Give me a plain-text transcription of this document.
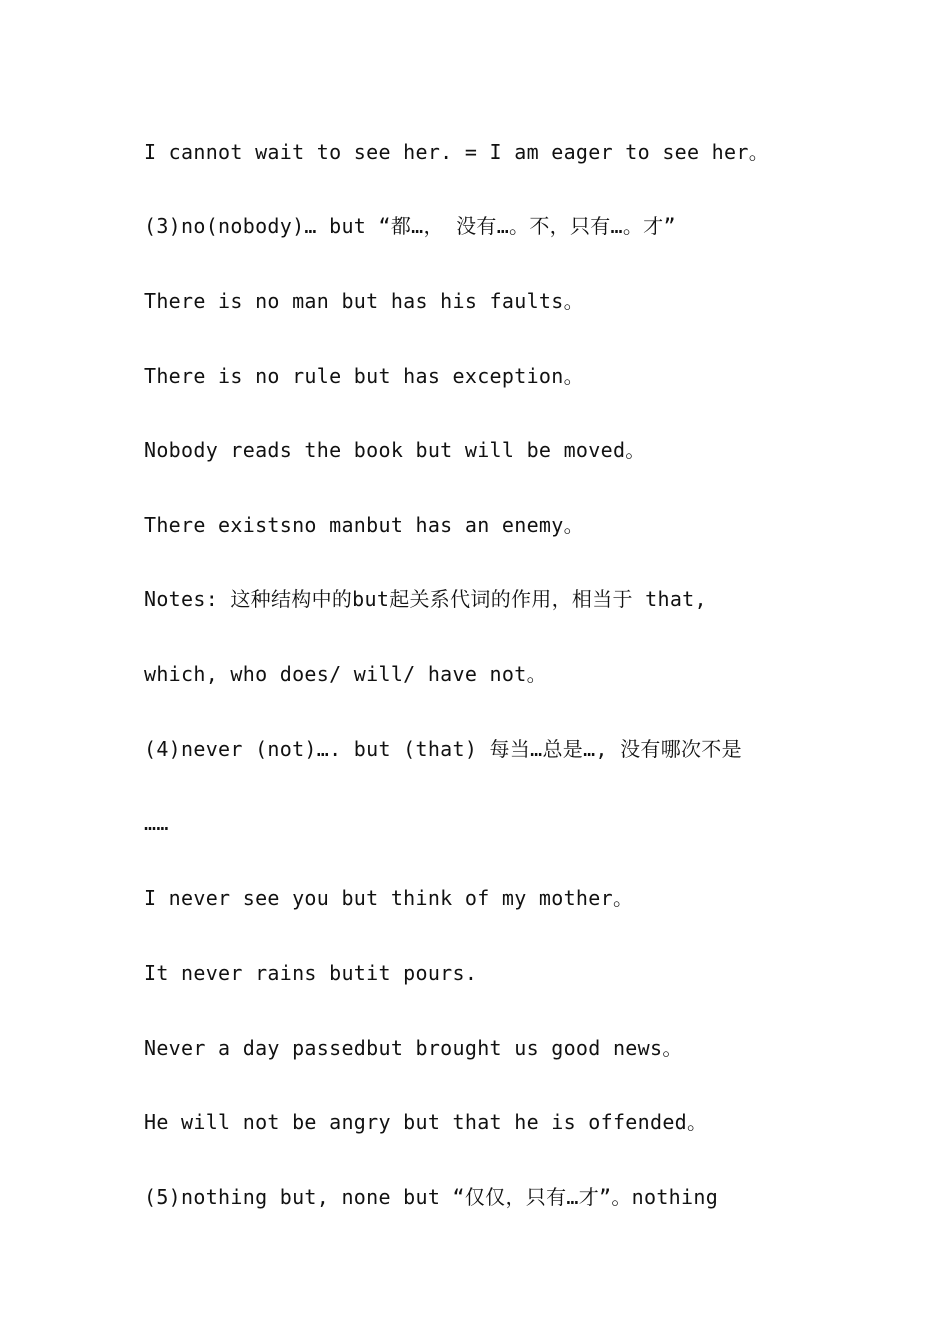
I cannot wait to see her. = I am eager to see her。
(3)no(nobody)… but “都…， 没有…。不，只有…。才”
There is no man but has his faults。
There is no rule but has exception。
Nobody reads the book but will be moved。
There existsno manbut has an enemy。
Notes: 这种结构中的but起关系代词的作用，相当于 that,
which, who does/ will/ have not。
(4)never (not)…. but (that) 每当…总是…, 没有哪次不是
……
I never see you but think of my mother。
It never rains butit pours.
Never a day passedbut brought us good news。
He will not be angry but that he is offended。
(5)nothing but, none but “仅仅，只有…才”。nothing
